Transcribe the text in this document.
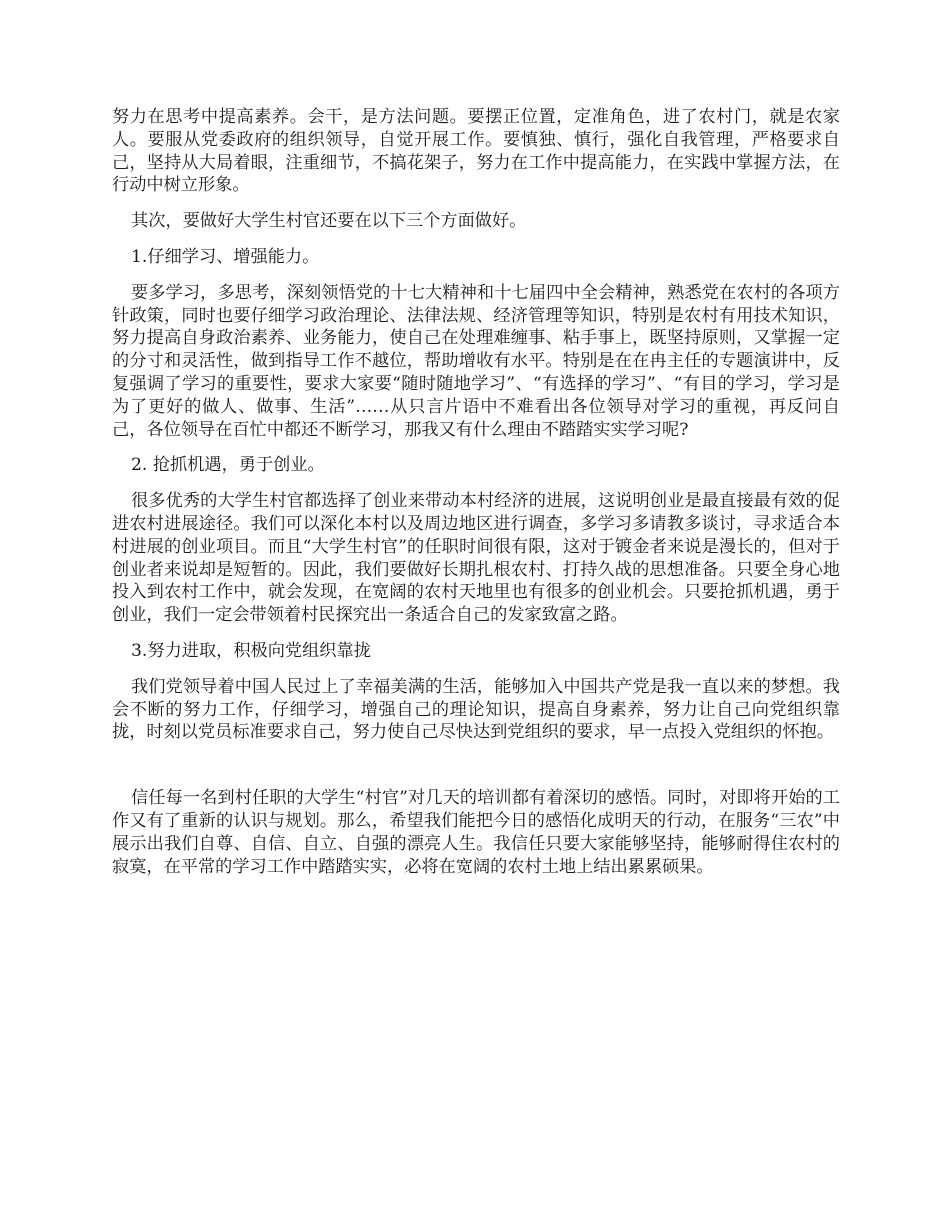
努力在思考中提高素养。会干，是方法问题。要摆正位置，定准角色，进了农村门，就是农家人。要服从党委政府的组织领导，自觉开展工作。要慎独、慎行，强化自我管理，严格要求自己，坚持从大局着眼，注重细节，不搞花架子，努力在工作中提高能力，在实践中掌握方法，在行动中树立形象。

其次，要做好大学生村官还要在以下三个方面做好。

1.仔细学习、增强能力。

要多学习，多思考，深刻领悟党的十七大精神和十七届四中全会精神，熟悉党在农村的各项方针政策，同时也要仔细学习政治理论、法律法规、经济管理等知识，特别是农村有用技术知识，努力提高自身政治素养、业务能力，使自己在处理难缠事、粘手事上，既坚持原则，又掌握一定的分寸和灵活性，做到指导工作不越位，帮助增收有水平。特别是在在冉主任的专题演讲中，反复强调了学习的重要性，要求大家要“随时随地学习”、“有选择的学习”、“有目的学习，学习是为了更好的做人、做事、生活”……从只言片语中不难看出各位领导对学习的重视，再反问自己，各位领导在百忙中都还不断学习，那我又有什么理由不踏踏实实学习呢?

2. 抢抓机遇，勇于创业。

很多优秀的大学生村官都选择了创业来带动本村经济的进展，这说明创业是最直接最有效的促进农村进展途径。我们可以深化本村以及周边地区进行调查，多学习多请教多谈讨，寻求适合本村进展的创业项目。而且“大学生村官”的任职时间很有限，这对于镀金者来说是漫长的，但对于创业者来说却是短暂的。因此，我们要做好长期扎根农村、打持久战的思想准备。只要全身心地投入到农村工作中，就会发现，在宽阔的农村天地里也有很多的创业机会。只要抢抓机遇，勇于创业，我们一定会带领着村民探究出一条适合自己的发家致富之路。

3.努力进取，积极向党组织靠拢

我们党领导着中国人民过上了幸福美满的生活，能够加入中国共产党是我一直以来的梦想。我会不断的努力工作，仔细学习，增强自己的理论知识，提高自身素养，努力让自己向党组织靠拢，时刻以党员标准要求自己，努力使自己尽快达到党组织的要求，早一点投入党组织的怀抱。

信任每一名到村任职的大学生“村官”对几天的培训都有着深切的感悟。同时，对即将开始的工作又有了重新的认识与规划。那么，希望我们能把今日的感悟化成明天的行动，在服务“三农”中展示出我们自尊、自信、自立、自强的漂亮人生。我信任只要大家能够坚持，能够耐得住农村的寂寞，在平常的学习工作中踏踏实实，必将在宽阔的农村土地上结出累累硕果。
